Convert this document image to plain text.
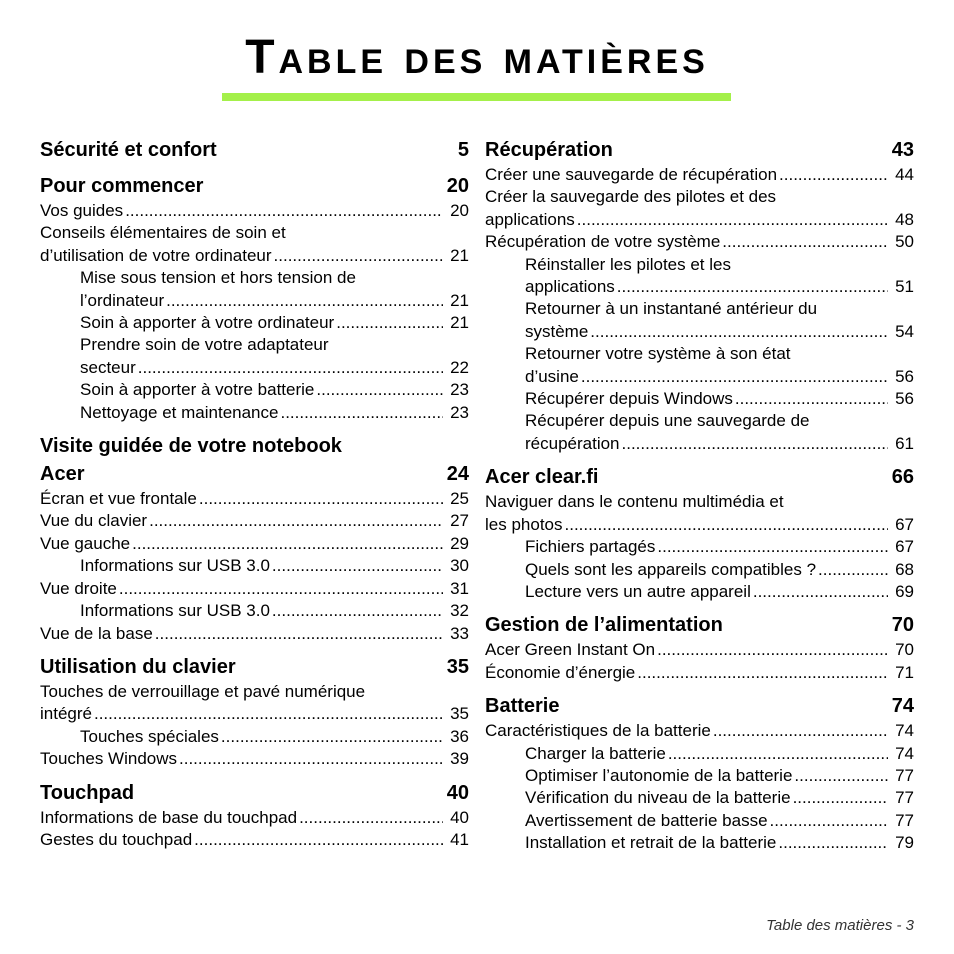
Table des matières
Sécurité et confort	5
Pour commencer	20
Vos guides .....	20
Conseils élémentaires de soin et
d’utilisation de votre ordinateur .....	21
Mise sous tension et hors tension de
l’ordinateur .....	21
Soin à apporter à votre ordinateur .....	21
Prendre soin de votre adaptateur
secteur .....	22
Soin à apporter à votre batterie .....	23
Nettoyage et maintenance .....	23
Visite guidée de votre notebook
Acer	24
Écran et vue frontale .....	25
Vue du clavier .....	27
Vue gauche .....	29
Informations sur USB 3.0 .....	30
Vue droite .....	31
Informations sur USB 3.0 .....	32
Vue de la base .....	33
Utilisation du clavier	35
Touches de verrouillage et pavé numérique
intégré .....	35
Touches spéciales .....	36
Touches Windows .....	39
Touchpad	40
Informations de base du touchpad .....	40
Gestes du touchpad .....	41
Récupération	43
Créer une sauvegarde de récupération .....	44
Créer la sauvegarde des pilotes et des
applications .....	48
Récupération de votre système .....	50
Réinstaller les pilotes et les
applications .....	51
Retourner à un instantané antérieur du
système .....	54
Retourner votre système à son état
d’usine .....	56
Récupérer depuis Windows .....	56
Récupérer depuis une sauvegarde de
récupération .....	61
Acer clear.fi	66
Naviguer dans le contenu multimédia et
les photos .....	67
Fichiers partagés .....	67
Quels sont les appareils compatibles ? .....	68
Lecture vers un autre appareil .....	69
Gestion de l’alimentation	70
Acer Green Instant On .....	70
Économie d’énergie .....	71
Batterie	74
Caractéristiques de la batterie .....	74
Charger la batterie .....	74
Optimiser l’autonomie de la batterie .....	77
Vérification du niveau de la batterie .....	77
Avertissement de batterie basse .....	77
Installation et retrait de la batterie .....	79
Table des matières - 3
